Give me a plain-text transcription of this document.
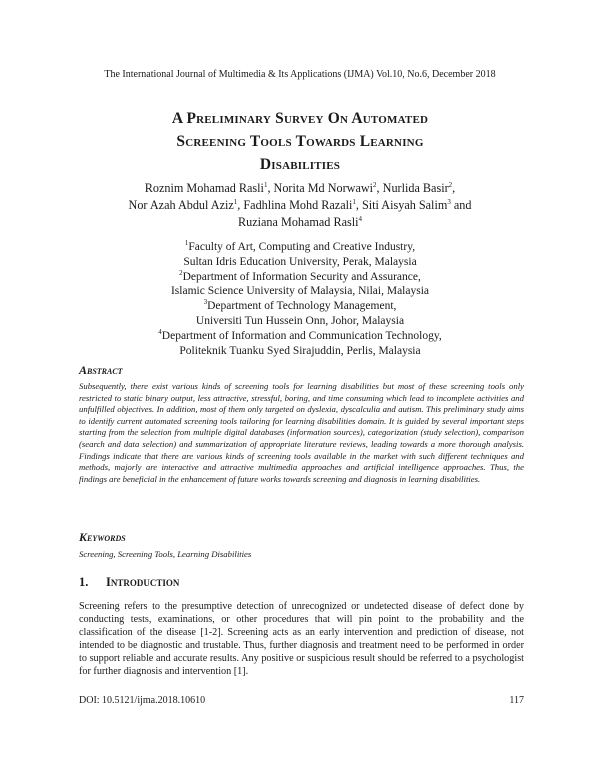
The International Journal of Multimedia & Its Applications (IJMA) Vol.10, No.6, December 2018
A Preliminary Survey On Automated
Screening Tools Towards Learning
Disabilities
Roznim Mohamad Rasli$^1$, Norita Md Norwawi$^2$, Nurlida Basir$^2$,
Nor Azah Abdul Aziz$^1$, Fadhlina Mohd Razali$^1$, Siti Aisyah Salim$^3$ and
Ruziana Mohamad Rasli$^4$
$^1$Faculty of Art, Computing and Creative Industry,
Sultan Idris Education University, Perak, Malaysia
$^2$Department of Information Security and Assurance,
Islamic Science University of Malaysia, Nilai, Malaysia
$^3$Department of Technology Management,
Universiti Tun Hussein Onn, Johor, Malaysia
$^4$Department of Information and Communication Technology,
Politeknik Tuanku Syed Sirajuddin, Perlis, Malaysia
Abstract
Subsequently, there exist various kinds of screening tools for learning disabilities but most of these screening tools only restricted to static binary output, less attractive, stressful, boring, and time consuming which lead to incomplete activities and unfulfilled objectives. In addition, most of them only targeted on dyslexia, dyscalculia and autism. This preliminary study aims to identify current automated screening tools tailoring for learning disabilities domain. It is guided by several important steps starting from the selection from multiple digital databases (information sources), categorization (study selection), comparison (search and data selection) and summarization of appropriate literature reviews, leading towards a more thorough analysis. Findings indicate that there are various kinds of screening tools available in the market with such different techniques and methods, majorly are interactive and attractive multimedia approaches and artificial intelligence approaches. Thus, the findings are beneficial in the enhancement of future works towards screening and diagnosis in learning disabilities.
Keywords
Screening, Screening Tools, Learning Disabilities
1. Introduction
Screening refers to the presumptive detection of unrecognized or undetected disease of defect done by conducting tests, examinations, or other procedures that will pin point to the probability and the classification of the disease [1-2]. Screening acts as an early intervention and prediction of disease, not intended to be diagnostic and trustable. Thus, further diagnosis and treatment need to be performed in order to support reliable and accurate results. Any positive or suspicious result should be referred to a psychologist for further diagnosis and intervention [1].
DOI: 10.5121/ijma.2018.10610	117
